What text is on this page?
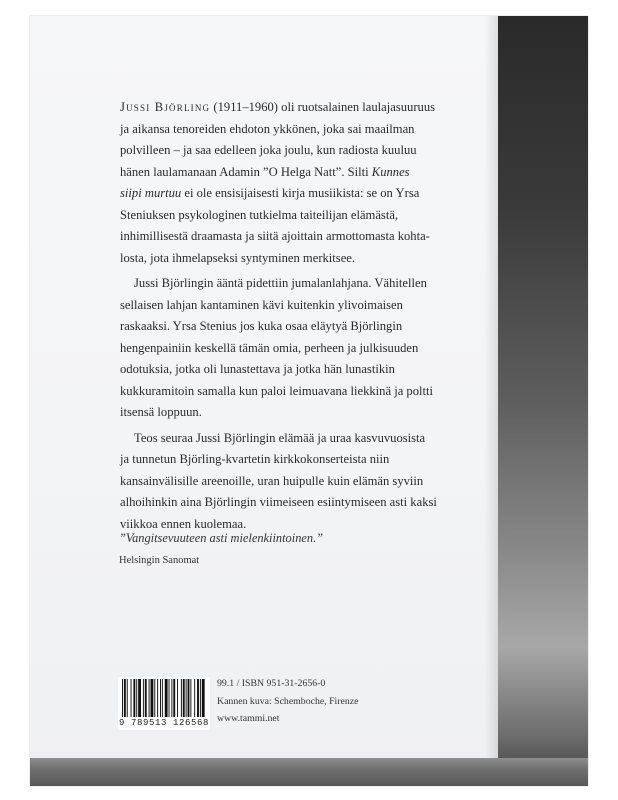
Jussi Björling (1911–1960) oli ruotsalainen laulajasuuruus
ja aikansa tenoreiden ehdoton ykkönen, joka sai maailman
polvilleen – ja saa edelleen joka joulu, kun radiosta kuuluu
hänen laulamanaan Adamin ”O Helga Natt”. Silti Kunnes
siipi murtuu ei ole ensisijaisesti kirja musiikista: se on Yrsa
Steniuksen psykologinen tutkielma taiteilijan elämästä,
inhimillisestä draamasta ja siitä ajoittain armottomasta kohta-
losta, jota ihmelapseksi syntyminen merkitsee.

Jussi Björlingin ääntä pidettiin jumalanlahjana. Vähitellen
sellaisen lahjan kantaminen kävi kuitenkin ylivoimaisen
raskaaksi. Yrsa Stenius jos kuka osaa eläytyä Björlingin
hengenpainiin keskellä tämän omia, perheen ja julkisuuden
odotuksia, jotka oli lunastettava ja jotka hän lunastikin
kukkuramitoin samalla kun paloi leimuavana liekkinä ja poltti
itsensä loppuun.

Teos seuraa Jussi Björlingin elämää ja uraa kasvuvuosista
ja tunnetun Björling-kvartetin kirkkokonserteista niin
kansainvälisille areenoille, uran huipulle kuin elämän syviin
alhoihinkin aina Björlingin viimeiseen esiintymiseen asti kaksi
viikkoa ennen kuolemaa.

”Vangitsevuuteen asti mielenkiintoinen.”
Helsingin Sanomat
9 789513 126568
99.1 / ISBN 951-31-2656-0
Kannen kuva: Schemboche, Firenze
www.tammi.net
